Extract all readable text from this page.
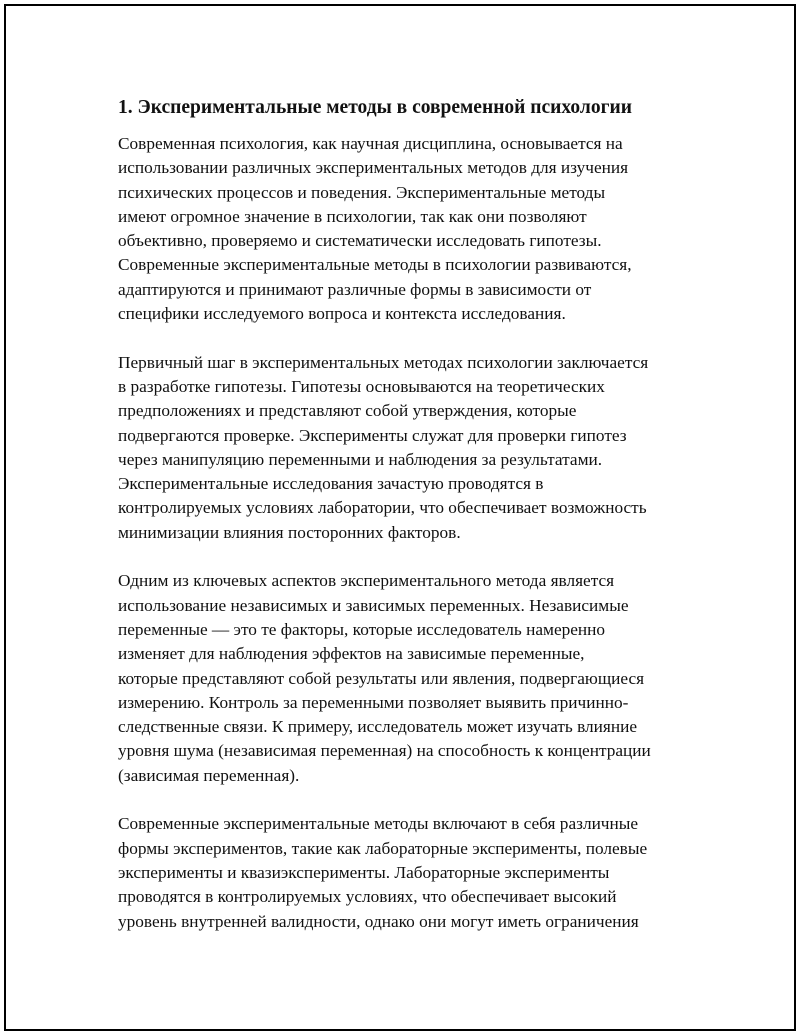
1. Экспериментальные методы в современной психологии

Современная психология, как научная дисциплина, основывается на
использовании различных экспериментальных методов для изучения
психических процессов и поведения. Экспериментальные методы
имеют огромное значение в психологии, так как они позволяют
объективно, проверяемо и систематически исследовать гипотезы.
Современные экспериментальные методы в психологии развиваются,
адаптируются и принимают различные формы в зависимости от
специфики исследуемого вопроса и контекста исследования.

Первичный шаг в экспериментальных методах психологии заключается
в разработке гипотезы. Гипотезы основываются на теоретических
предположениях и представляют собой утверждения, которые
подвергаются проверке. Эксперименты служат для проверки гипотез
через манипуляцию переменными и наблюдения за результатами.
Экспериментальные исследования зачастую проводятся в
контролируемых условиях лаборатории, что обеспечивает возможность
минимизации влияния посторонних факторов.

Одним из ключевых аспектов экспериментального метода является
использование независимых и зависимых переменных. Независимые
переменные — это те факторы, которые исследователь намеренно
изменяет для наблюдения эффектов на зависимые переменные,
которые представляют собой результаты или явления, подвергающиеся
измерению. Контроль за переменными позволяет выявить причинно-
следственные связи. К примеру, исследователь может изучать влияние
уровня шума (независимая переменная) на способность к концентрации
(зависимая переменная).

Современные экспериментальные методы включают в себя различные
формы экспериментов, такие как лабораторные эксперименты, полевые
эксперименты и квазиэксперименты. Лабораторные эксперименты
проводятся в контролируемых условиях, что обеспечивает высокий
уровень внутренней валидности, однако они могут иметь ограничения
